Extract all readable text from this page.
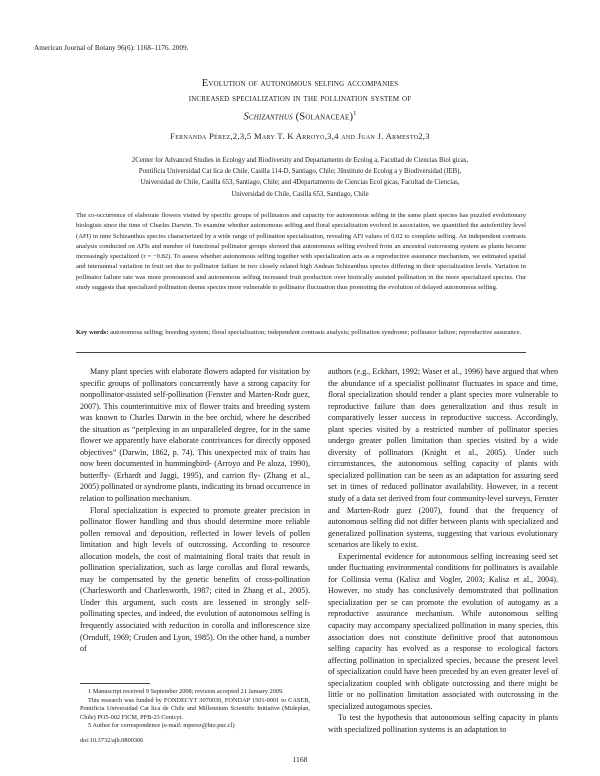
American Journal of Botany 96(6): 1168–1176. 2009.
Evolution of autonomous selfing accompanies
increased specialization in the pollination system of
Schizanthus (Solanaceae)$^1$
Fernanda Pérez,2,3,5 Mary T. K Arroyo,3,4 and Juan J. Armesto2,3
2Center for Advanced Studies in Ecology and Biodiversity and Departamento de Ecolog a, Facultad de Ciencias Biol gicas,
Pontificia Universidad Cat lica de Chile, Casilla 114-D, Santiago, Chile; 3Instituto de Ecolog a y Biodiversidad (IEB),
Universidad de Chile, Casilla 653, Santiago, Chile; and 4Departamento de Ciencias Ecol gicas, Facultad de Ciencias,
Universidad de Chile, Casilla 653, Santiago, Chile
The co-occurrence of elaborate flowers visited by specific groups of pollinators and capacity for autonomous selfing in the same plant species has puzzled evolutionary biologists since the time of Charles Darwin. To examine whether autonomous selfing and floral specialization evolved in association, we quantified the autofertility level (AFI) in nine Schizanthus species characterized by a wide range of pollination specialization, revealing AFI values of 0.02 to complete selfing. An independent contrasts analysis conducted on AFIs and number of functional pollinator groups showed that autonomous selfing evolved from an ancestral outcrossing system as plants became increasingly specialized (r = −0.82). To assess whether autonomous selfing together with specialization acts as a reproductive assurance mechanism, we estimated spatial and interannual variation in fruit set due to pollinator failure in two closely related high Andean Schizanthus species differing in their specialization levels. Variation in pollinator failure rate was more pronounced and autonomous selfing increased fruit production over biotically assisted pollination in the more specialized species. Our study suggests that specialized pollination deems species more vulnerable to pollinator fluctuation thus promoting the evolution of delayed autonomous selfing.
Key words: autonomous selfing; breeding system; floral specialization; independent contrasts analysis; pollination syndrome; pollinator failure; reproductive assurance.

Many plant species with elaborate flowers adapted for visitation by specific groups of pollinators concurrently have a strong capacity for nonpollinator-assisted self-pollination (Fenster and Marten-Rodr guez, 2007). This counterintuitive mix of flower traits and breeding system was known to Charles Darwin in the bee orchid, where he described the situation as “perplexing in an unparalleled degree, for in the same flower we apparently have elaborate contrivances for directly opposed objectives” (Darwin, 1862, p. 74). This unexpected mix of traits has now been documented in hummingbird- (Arroyo and Pe aloza, 1990), butterfly- (Erhardt and Jaggi, 1995), and carrion fly- (Zhang et al., 2005) pollinated or syndrome plants, indicating its broad occurrence in relation to pollination mechanism.

Floral specialization is expected to promote greater precision in pollinator flower handling and thus should determine more reliable pollen removal and deposition, reflected in lower levels of pollen limitation and high levels of outcrossing. According to resource allocation models, the cost of maintaining floral traits that result in pollination specialization, such as large corollas and floral rewards, may be compensated by the genetic benefits of cross-pollination (Charlesworth and Charlesworth, 1987; cited in Zhang et al., 2005). Under this argument, such costs are lessened in strongly self-pollinating species, and indeed, the evolution of autonomous selfing is frequently associated with reduction in corolla and inflorescence size (Ornduff, 1969; Cruden and Lyon, 1985). On the other hand, a number of

authors (e.g., Eckhart, 1992; Waser et al., 1996) have argued that when the abundance of a specialist pollinator fluctuates in space and time, floral specialization should render a plant species more vulnerable to reproductive failure than does generalization and thus result in comparatively lesser success in reproductive success. Accordingly, plant species visited by a restricted number of pollinator species undergo greater pollen limitation than species visited by a wide diversity of pollinators (Knight et al., 2005). Under such circumstances, the autonomous selfing capacity of plants with specialized pollination can be seen as an adaptation for assuring seed set in times of reduced pollinator availability. However, in a recent study of a data set derived from four community-level surveys, Fenster and Marten-Rodr guez (2007), found that the frequency of autonomous selfing did not differ between plants with specialized and generalized pollination systems, suggesting that various evolutionary scenarios are likely to exist.

Experimental evidence for autonomous selfing increasing seed set under fluctuating environmental conditions for pollinators is available for Collinsia verna (Kalisz and Vogler, 2003; Kalisz et al., 2004). However, no study has conclusively demonstrated that pollination specialization per se can promote the evolution of autogamy as a reproductive assurance mechanism. While autonomous selfing capacity may accompany specialized pollination in many species, this association does not constitute definitive proof that autonomous selfing capacity has evolved as a response to ecological factors affecting pollination in specialized species, because the present level of specialization could have been preceded by an even greater level of specialization coupled with obligate outcrossing and there might be little or no pollination limitation associated with outcrossing in the specialized autogamous species.

To test the hypothesis that autonomous selfing capacity in plants with specialized pollination systems is an adaptation to

1 Manuscript received 9 September 2008; revision accepted 21 January 2009.

This research was funded by FONDECYT 3070030, FONDAP 1501-0001 to CASEB, Pontificia Universidad Cat lica de Chile and Millennium Scientific Initiative (Mideplan, Chile) PO5-002 FICM, PFB-23 Conicyt.

5 Author for correspondence (e-mail: mperez@bio.puc.cl)

doi:10.3732/ajb.0800306
1168
